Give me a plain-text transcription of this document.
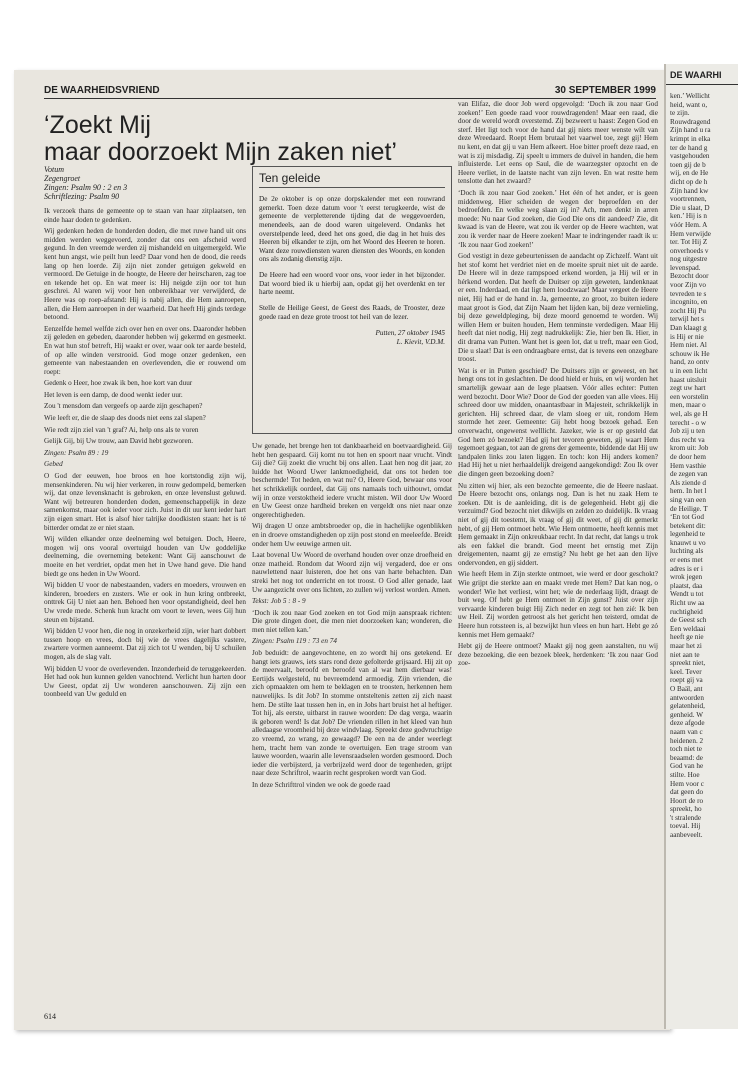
DE WAARHI
ken.’ Wellicht
heid, want o,
te zijn.
Rouwdragend
Zijn hand u ra
krimpt in elka
ter de hand g
vastgehouden
toen gij de b
wij, en de He
dicht op de h
Zijn hand kw
voortrennen,
Die u slaat, D
ken.’ Hij is n
vóór Hem. A
Hem verwijde
ter. Tot Hij Z
onverhoeds v
nog uitgestre
levenspad.
Bezocht door
voor Zijn vo
tevreden te s
incognito, en
zocht Hij Pu
terwijl het s
Dan klaagt g
is Hij er nie
Hem niet. Al
schouw ik He
hand, zo ontv
u in een licht
haast uitsluit
zegt uw hart
een worstelin
men, maar o
wel, als ge H
terecht - o w
Job zij u ten
dus recht va
krom uit: Job
de door hem
Hem vasthie
de zegen van
Als ziende d
hem. In het l
sing van een
de Heilige. T
‘En tot God
betekent dit:
legenheid te
knauwt u vo
luchting als
er eens met
adres is er i
wrok jegen
plaatst, daa
Wendt u tot
Richt uw aa
ruchtigheid
de Geest sch
Een weldaai
heeft ge nie
maar het zi
niet aan te
spreekt niet,
keel. Tever
roept gij va
O Baäl, ant
antwoorden
gelatenheid,
genheid. W
deze afgode
naam van c
heidenen. 2
toch niet te
beaamd: de
God van he
stilte. Hoe
Hem voor c
dat geen do
Hoort de ro
spreekt, ho
't stralende
toeval. Hij
aanbeveelt.
DE WAARHEIDSVRIEND	30 SEPTEMBER 1999
‘Zoekt Mij
maar doorzoekt Mijn zaken niet’
Votum
Zegengroet
Zingen: Psalm 90 : 2 en 3
Schriftlezing: Psalm 90

Ik verzoek thans de gemeente op te staan van haar zitplaatsen, ten einde haar doden te gedenken.

Wij gedenken heden de honderden doden, die met ruwe hand uit ons midden werden weggevoerd, zonder dat ons een afscheid werd gegund. In den vreemde werden zij mishandeld en uitgemergeld. Wie kent hun angst, wie peilt hun leed? Daar vond hen de dood, die reeds lang op hen loerde. Zij zijn niet zonder getuigen gekweld en vermoord. De Getuige in de hoogte, de Heere der heirscharen, zag toe en tekende het op. En wat meer is: Hij neigde zijn oor tot hun geschrei. Al waren wij voor hen onbereikbaar ver verwijderd, de Heere was op roep-afstand: Hij is nabij allen, die Hem aanroepen, allen, die Hem aanroepen in der waarheid. Dat heeft Hij ginds terdege betoond.

Eenzelfde hemel welfde zich over hen en over ons. Daaronder hebben zij geleden en gebeden, daaronder hebben wij gekermd en gesmeekt. En wat hun stof betreft, Hij waakt er over, waar ook ter aarde besteld, of op alle winden verstrooid. God moge onzer gedenken, een gemeente van nabestaanden en overlevenden, die er rouwend om roept:

Gedenk o Heer, hoe zwak ik ben, hoe kort van duur

Het leven is een damp, de dood wenkt ieder uur.

Zou 't mensdom dan vergeefs op aarde zijn geschapen?

Wie leeft er, die de slaap des doods niet eens zal slapen?

Wie redt zijn ziel van 't graf? Ai, help ons als te voren

Gelijk Gij, bij Uw trouw, aan David hebt gezworen.

Zingen: Psalm 89 : 19

Gebed

O God der eeuwen, hoe broos en hoe kortstondig zijn wij, mensenkinderen. Nu wij hier verkeren, in rouw gedompeld, bemerken wij, dat onze levensknacht is gebroken, en onze levenslust geluwd. Want wij betreuren honderden doden, gemeenschappelijk in deze samenkomst, maar ook ieder voor zich. Juist in dit uur kent ieder hart zijn eigen smart. Het is alsof hier talrijke doodkisten staan: het is té bitterder omdat ze er niet staan.

Wij wilden elkander onze deelneming wel betuigen. Doch, Heere, mogen wij ons vooral overtuigd houden van Uw goddelijke deelneming, die overneming betekent: Want Gij aanschouwt de moeite en het verdriet, opdat men het in Uwe hand geve. Die hand biedt ge ons heden in Uw Woord.

Wij bidden U voor de nabestaanden, vaders en moeders, vrouwen en kinderen, broeders en zusters. Wie er ook in hun kring ontbreekt, onttrek Gij U niet aan hen. Behoed hen voor opstandigheid, deel hen Uw vrede mede. Schenk hun kracht om voort te leven, wees Gij hun steun en bijstand.

Wij bidden U voor hen, die nog in onzekerheid zijn, wier hart dobbert tussen hoop en vrees, doch bij wie de vrees dagelijks vastere, zwartere vormen aanneemt. Dat zij zich tot U wenden, bij U schuilen mogen, als de slag valt.

Wij bidden U voor de overlevenden. Inzonderheid de teruggekeerden. Het had ook hun kunnen gelden vanochtend. Verlicht hun harten door Uw Geest, opdat zij Uw wonderen aanschouwen. Zij zijn een toonbeeld van Uw geduld en

Ten geleide

De 2e oktober is op onze dorpskalender met een rouwrand gemerkt. Toen deze datum voor 't eerst terugkeerde, wist de gemeente de verpletterende tijding dat de weggevoerden, menendeels, aan de dood waren uitgeleverd. Ondanks het overstelpende leed, deed het ons goed, die dag in het huis des Heeren bij elkander te zijn, om het Woord des Heeren te horen. Want deze rouwdiensten waren diensten des Woords, en konden ons als zodanig dienstig zijn.

De Heere had een woord voor ons, voor ieder in het bijzonder. Dat woord bied ik u hierbij aan, opdat gij het overdenkt en ter harte neemt.

Stelle de Heilige Geest, de Geest des Raads, de Trooster, deze goede raad en deze grote troost tot heil van de lezer.

Putten, 27 oktober 1945
L. Kievit, V.D.M.

Uw genade, het brenge hen tot dankbaarheid en boetvaardigheid. Gij hebt hen gespaard. Gij komt nu tot hen en spoort naar vrucht. Vindt Gij die? Gij zoekt die vrucht bij ons allen. Laat hen nog dit jaar, zo luidde het Woord Uwer lankmoedigheid, dat ons tot heden toe beschermde! Tot heden, en wat nu? O, Heere God, bewaar ons voor het schrikkelijk oordeel, dat Gij ons namaals toch uithouwt, omdat wij in onze verstoktheid iedere vrucht misten. Wil door Uw Woord en Uw Geest onze hardheid breken en vergeldt ons niet naar onze ongerechtigheden.

Wij dragen U onze ambtsbroeder op, die in hachelijke ogenblikken en in droeve omstandigheden op zijn post stond en meeleefde. Breidt onder hem Uw eeuwige armen uit.

Laat bovenal Uw Woord de overhand houden over onze droefheid en onze matheid. Rondom dat Woord zijn wij vergaderd, doe er ons nauwlettend naar luisteren, doe het ons van harte behachten. Dan streki het nog tot onderricht en tot troost. O God aller genade, laat Uw aangezicht over ons lichten, zo zullen wij verlost worden. Amen.

Tekst: Job 5 : 8 - 9

‘Doch ik zou naar God zoeken en tot God mijn aanspraak richten: Die grote dingen doet, die men niet doorzoeken kan; wonderen, die men niet tellen kan.’

Zingen: Psalm 119 : 73 en 74

Job beduidt: de aangevochtene, en zo wordt hij ons getekend. Er hangt iets grauws, iets stars rond deze gefolterde grijsaard. Hij zit op de meervaalt, beroofd en beroofd van al wat hem dierbaar was! Eertijds welgesteld, nu bevreemdend armoedig. Zijn vrienden, die zich opmaakten om hem te beklagen en te troosten, herkennen hem nauwelijks. Is dit Job? In stomme ontsteltenis zetten zij zich naast hem. De stilte laat tussen hen in, en in Jobs hart bruist het al heftiger. Tot hij, als eerste, uitbarst in rauwe woorden: De dag verga, waarin ik geboren werd! Is dat Job? De vrienden rillen in het kleed van hun alledaagse vroomheid bij deze windvlaag. Spreekt deze godvruchtige zo vreemd, zo wrang, zo gewaagd? De een na de ander weerlegt hem, tracht hem van zonde te overtuigen. Een trage stroom van lauwe woorden, waarin alle levensraadselen worden gesmoord. Doch ieder die verbijsterd, ja verbrijzeld werd door de tegenheden, grijpt naar deze Schriftrol, waarin recht gesproken wordt van God.

In deze Schrifttrol vinden we ook de goede raad

van Elifaz, die door Job werd opgevolgd: ‘Doch ik zou naar God zoeken!’ Een goede raad voor rouwdragenden! Maar een raad, die door de wereld wordt overstemd. Zij bezweert u haast: Zegen God en sterf. Het ligt toch voor de hand dat gij niets meer wenste wilt van deze Wreedaard. Roept Hem brutaal het vaarwel toe, zegt gij! Hem nu kent, en dat gij u van Hem afkeert. Hoe bitter proeft deze raad, en wat is zij misdadig. Zij speelt u immers de duivel in handen, die hem influisterde. Let eens op Saul, die de waarzegster opzocht en de Heere verliet, in de laatste nacht van zijn leven. En wat restte hem tenslotte dan het zwaard?

‘Doch ik zou naar God zoeken.’ Het één of het ander, er is geen middenweg. Hier scheiden de wegen der beproefden en der bedroefden. En welke weg slaan zij in? Ach, men denkt in arren moede: Nu naar God zoeken, die God Die ons dit aandeed? Zie, dit kwaad is van de Heere, wat zou ik verder op de Heere wachten, wat zou ik verder naar de Heere zoeken! Maar te indringender raadt ik u: ‘Ik zou naar God zoeken!’

God vestigt in deze gebeurtenissen de aandacht op Zichzelf. Want uit het stof komt het verdriet niet en de moeite spruit niet uit de aarde. De Heere wil in deze rampspoed erkend worden, ja Hij wil er in hérkend worden. Dat heeft de Duitser op zijn geweten, landenknaat er een. Inderdaad, en dat ligt hem loodzwaar! Maar vergeet de Heere niet, Hij had er de hand in. Ja, gemeente, zo groot, zo buiten iedere maat groot is God, dat Zijn Naam het lijden kan, bij deze vernieling, bij deze geweldpleging, bij deze moord genoemd te worden. Wij willen Hem er buiten houden, Hem tenminste verdedigen. Maar Hij heeft dat niet nodig, Hij zegt nadrukkelijk: Zie, hier ben Ik. Hier, in dit drama van Putten. Want het is geen lot, dat u treft, maar een God, Die u slaat! Dat is een ondraagbare ernst, dat is tevens een onzegbare troost.

Wat is er in Putten geschied? De Duitsers zijn er geweest, en het hengt ons tot in geslachten. De dood hield er huis, en wij worden het smartelijk gewaar aan de lege plaatsen. Vóór alles echter: Putten werd bezocht. Door Wie? Door de God der goeden van alle vlees. Hij schreed door uw midden, onaantastbaar in Majesteit, schrikkelijk in gerichten. Hij schreed daar, de vlam sloeg er uit, rondom Hem stormde het zeer. Gemeente: Gij hebt hoog bezoek gehad. Een onverwacht, ongewenst welllicht. Jazeker, wie is er op gesteld dat God hem zó bezoekt? Had gij het tevoren geweten, gij waart Hem tegemoet gegaan, tot aan de grens der gemeente, biddende dat Hij uw landpalen links zou laten liggen. En toch: kon Hij anders komen? Had Hij het u niet herhaaldelijk dreigend aangekondigd: Zou Ik over die dingen geen bezoeking doen?

Nu zitten wij hier, als een bezochte gemeente, die de Heere naslaat. De Heere bezocht ons, onlangs nog. Dan is het nu zaak Hem te zoeken. Dit is de aanleiding, dit is de gelegenheid. Hebt gij die verzuimd? God bezocht niet dikwijls en zelden zo duidelijk. Ik vraag niet of gij dit toestemt, ik vraag of gij dit weet, of gij dit gemerkt hebt, of gij Hem ontmoet hebt. Wie Hem ontmoette, heeft kennis met Hem gemaakt in Zijn onkreukbaar recht. In dat recht, dat langs u trok als een fakkel die brandt. God meent het ernstig met Zijn dreigementen, naamt gij ze ernstig? Nu hebt ge het aan den lijve ondervonden, en gij siddert.

Wie heeft Hem in Zijn sterkte ontmoet, wie werd er door geschokt? Wie grijpt die sterkte aan en maakt vrede met Hem? Dat kan nog, o wonder! Wie het verliest, wint het; wie de nederlaag lijdt, draagt de buit weg. Of hebt ge Hem ontmoet in Zijn gunst? Juist over zijn vervaarde kinderen buigt Hij Zich neder en zegt tot hen zié: Ik ben uw Heil. Zij worden getroost als het gericht hen teisterd, omdat de Heere hun rotssteen is, al bezwijkt hun vlees en hun hart. Hebt ge zó kennis met Hem gemaakt?

Hebt gij de Heere ontmoet? Maakt gij nog geen aanstalten, nu wij deze bezoeking, die een bezoek bleek, herdenken: ‘Ik zou naar God zoe-

614
